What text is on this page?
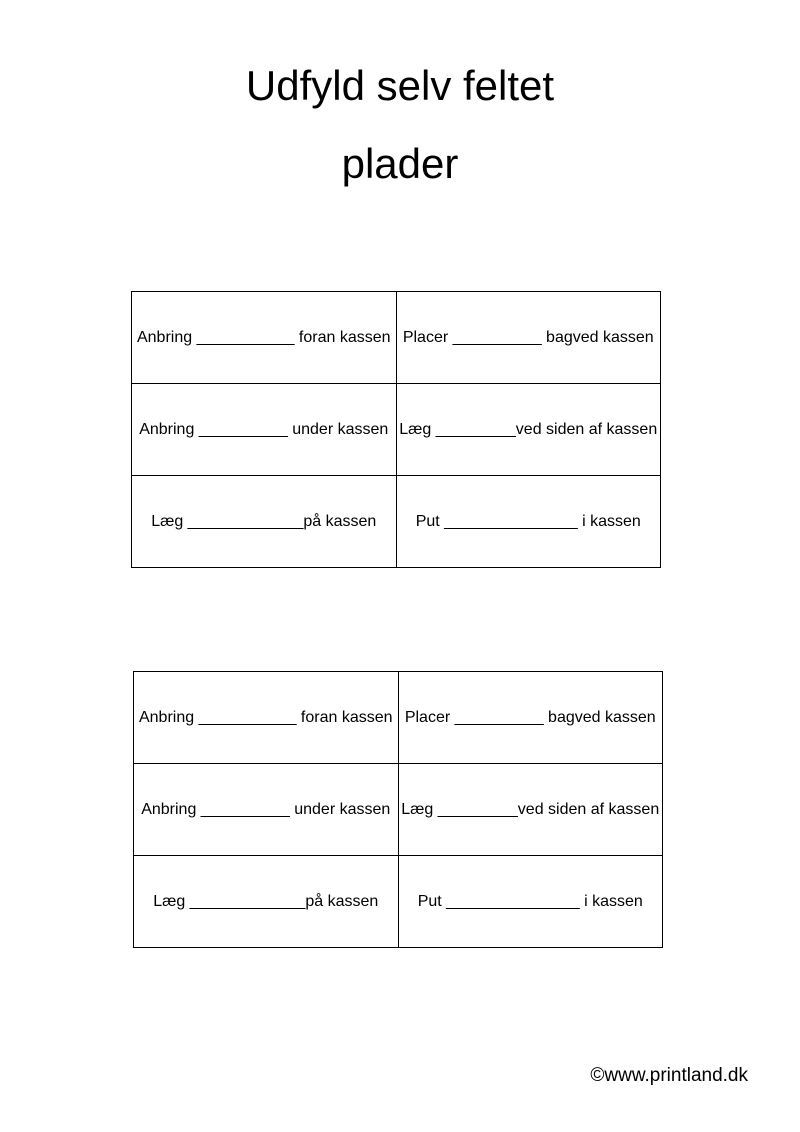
Udfyld selv feltet
plader
Anbring ___________ foran kassen	Placer __________ bagved kassen
Anbring __________ under kassen	Læg _________ved siden af kassen
Læg _____________på kassen	Put _______________ i kassen
Anbring ___________ foran kassen	Placer __________ bagved kassen
Anbring __________ under kassen	Læg _________ved siden af kassen
Læg _____________på kassen	Put _______________ i kassen
©www.printland.dk
